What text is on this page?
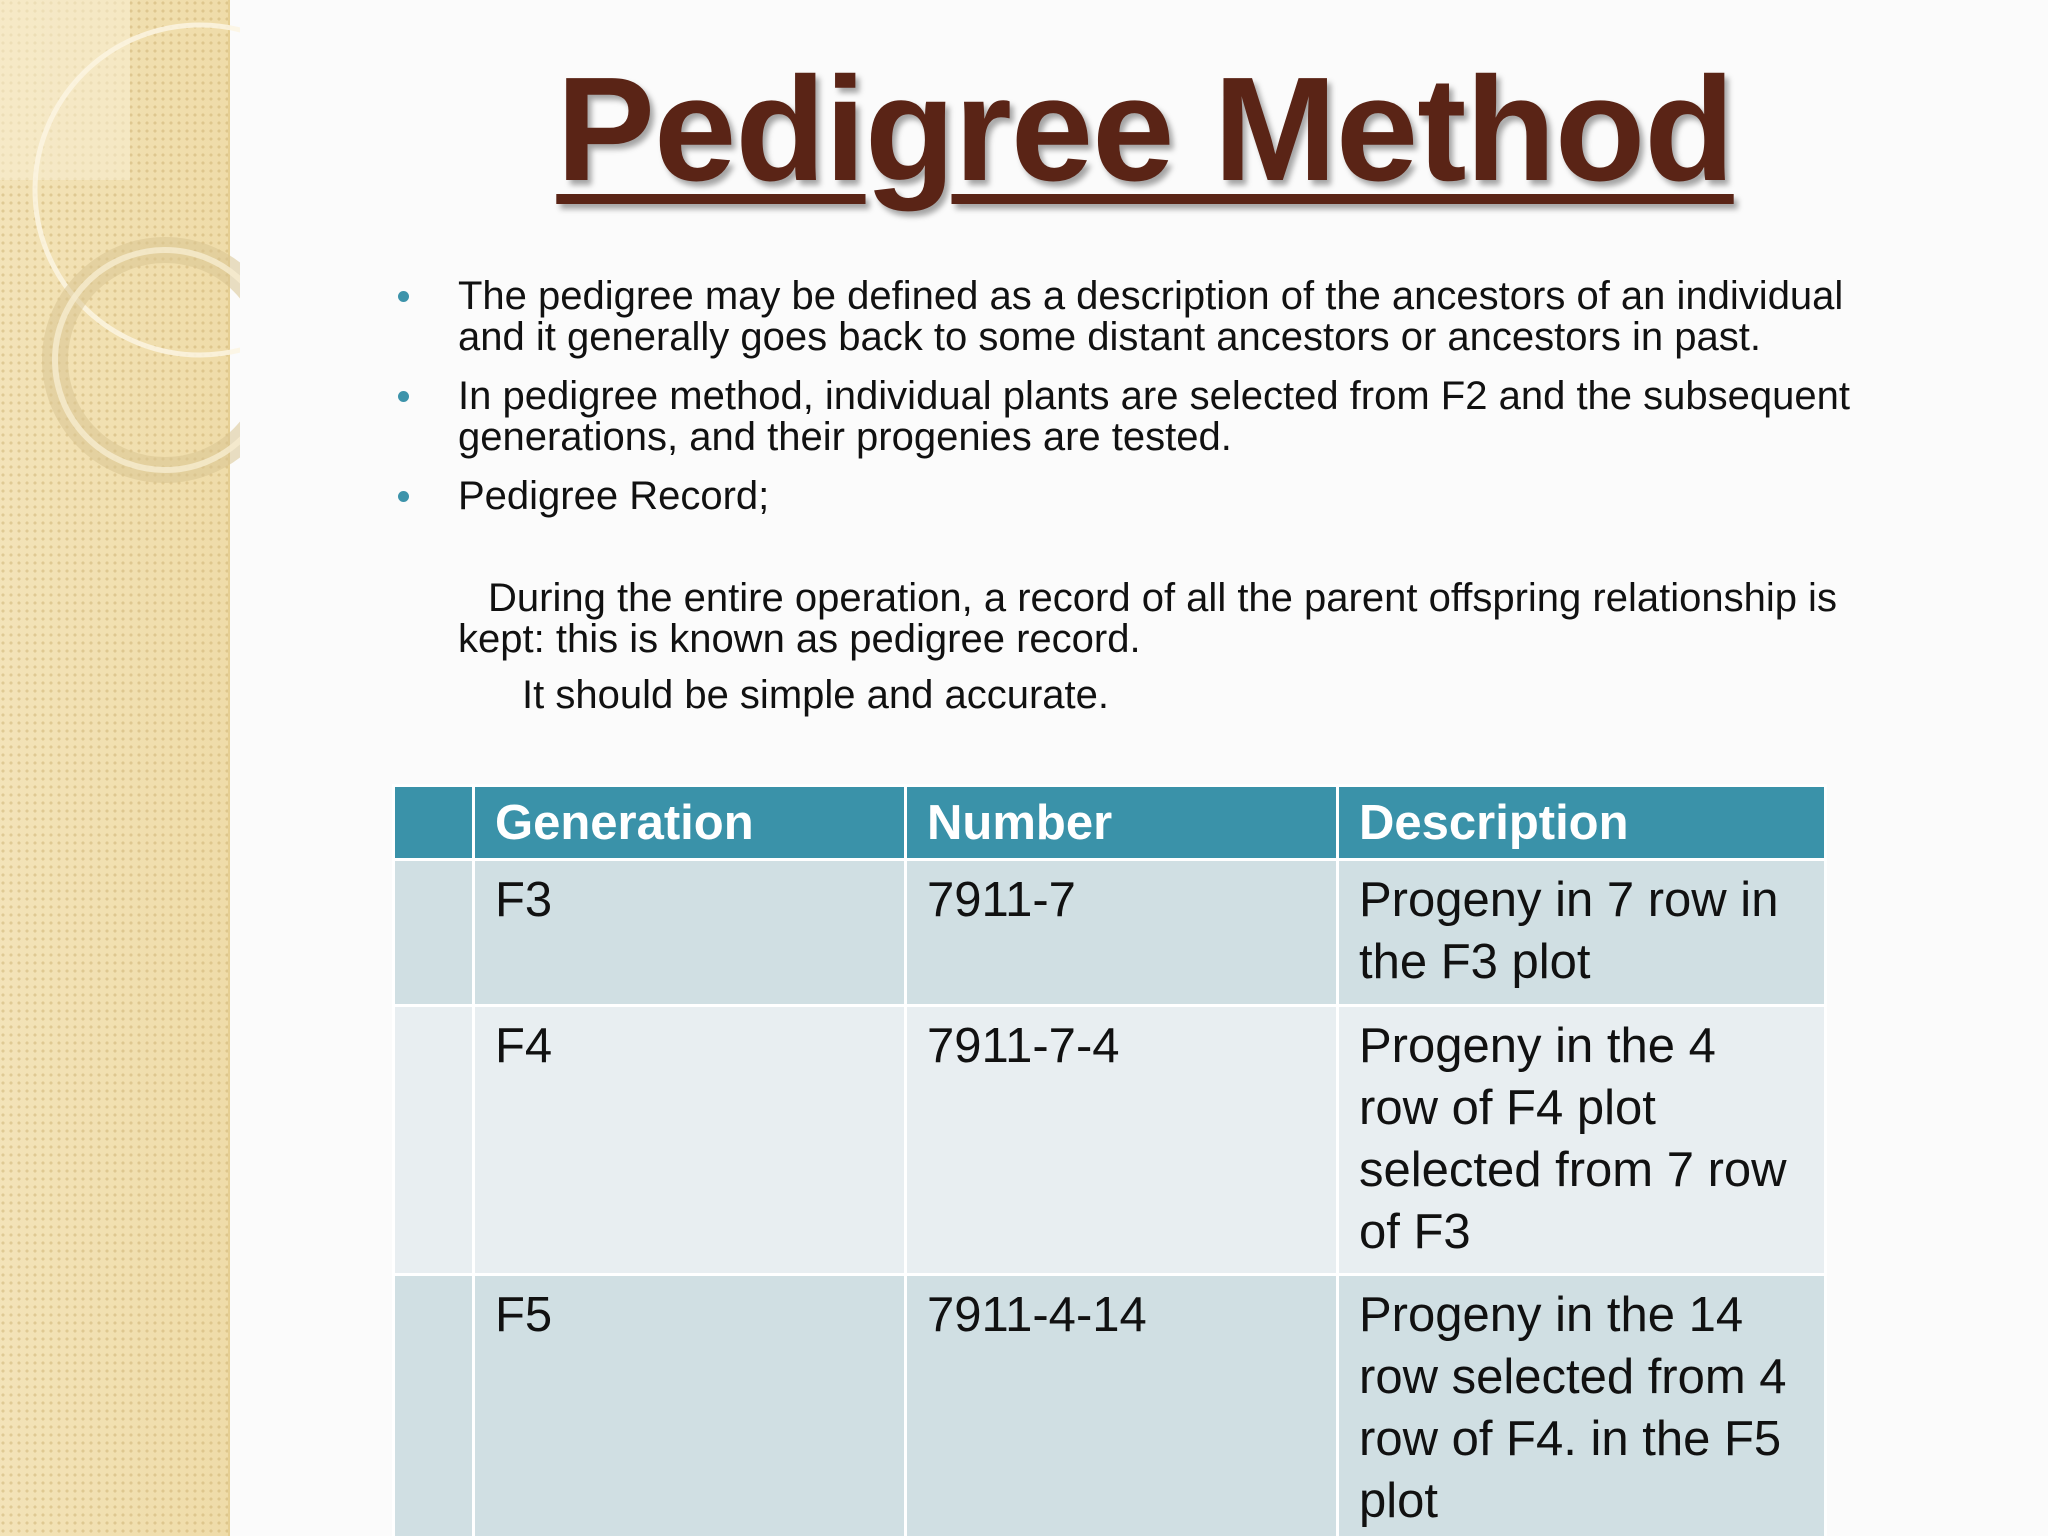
Pedigree Method
The pedigree may be defined as a description of the ancestors of an individual and it generally goes back to some distant ancestors or ancestors in past.
In pedigree method, individual plants are selected from F2 and the subsequent generations, and their progenies are tested.
Pedigree Record;
During the entire operation, a record of all the parent offspring relationship is kept: this is known as pedigree record.
It should be simple and accurate.
	Generation	Number	Description
	F3	7911-7	Progeny in 7 row in the F3 plot
	F4	7911-7-4	Progeny in the 4 row of F4 plot selected from 7 row of F3
	F5	7911-4-14	Progeny in the 14 row selected from 4 row of F4. in the F5 plot
